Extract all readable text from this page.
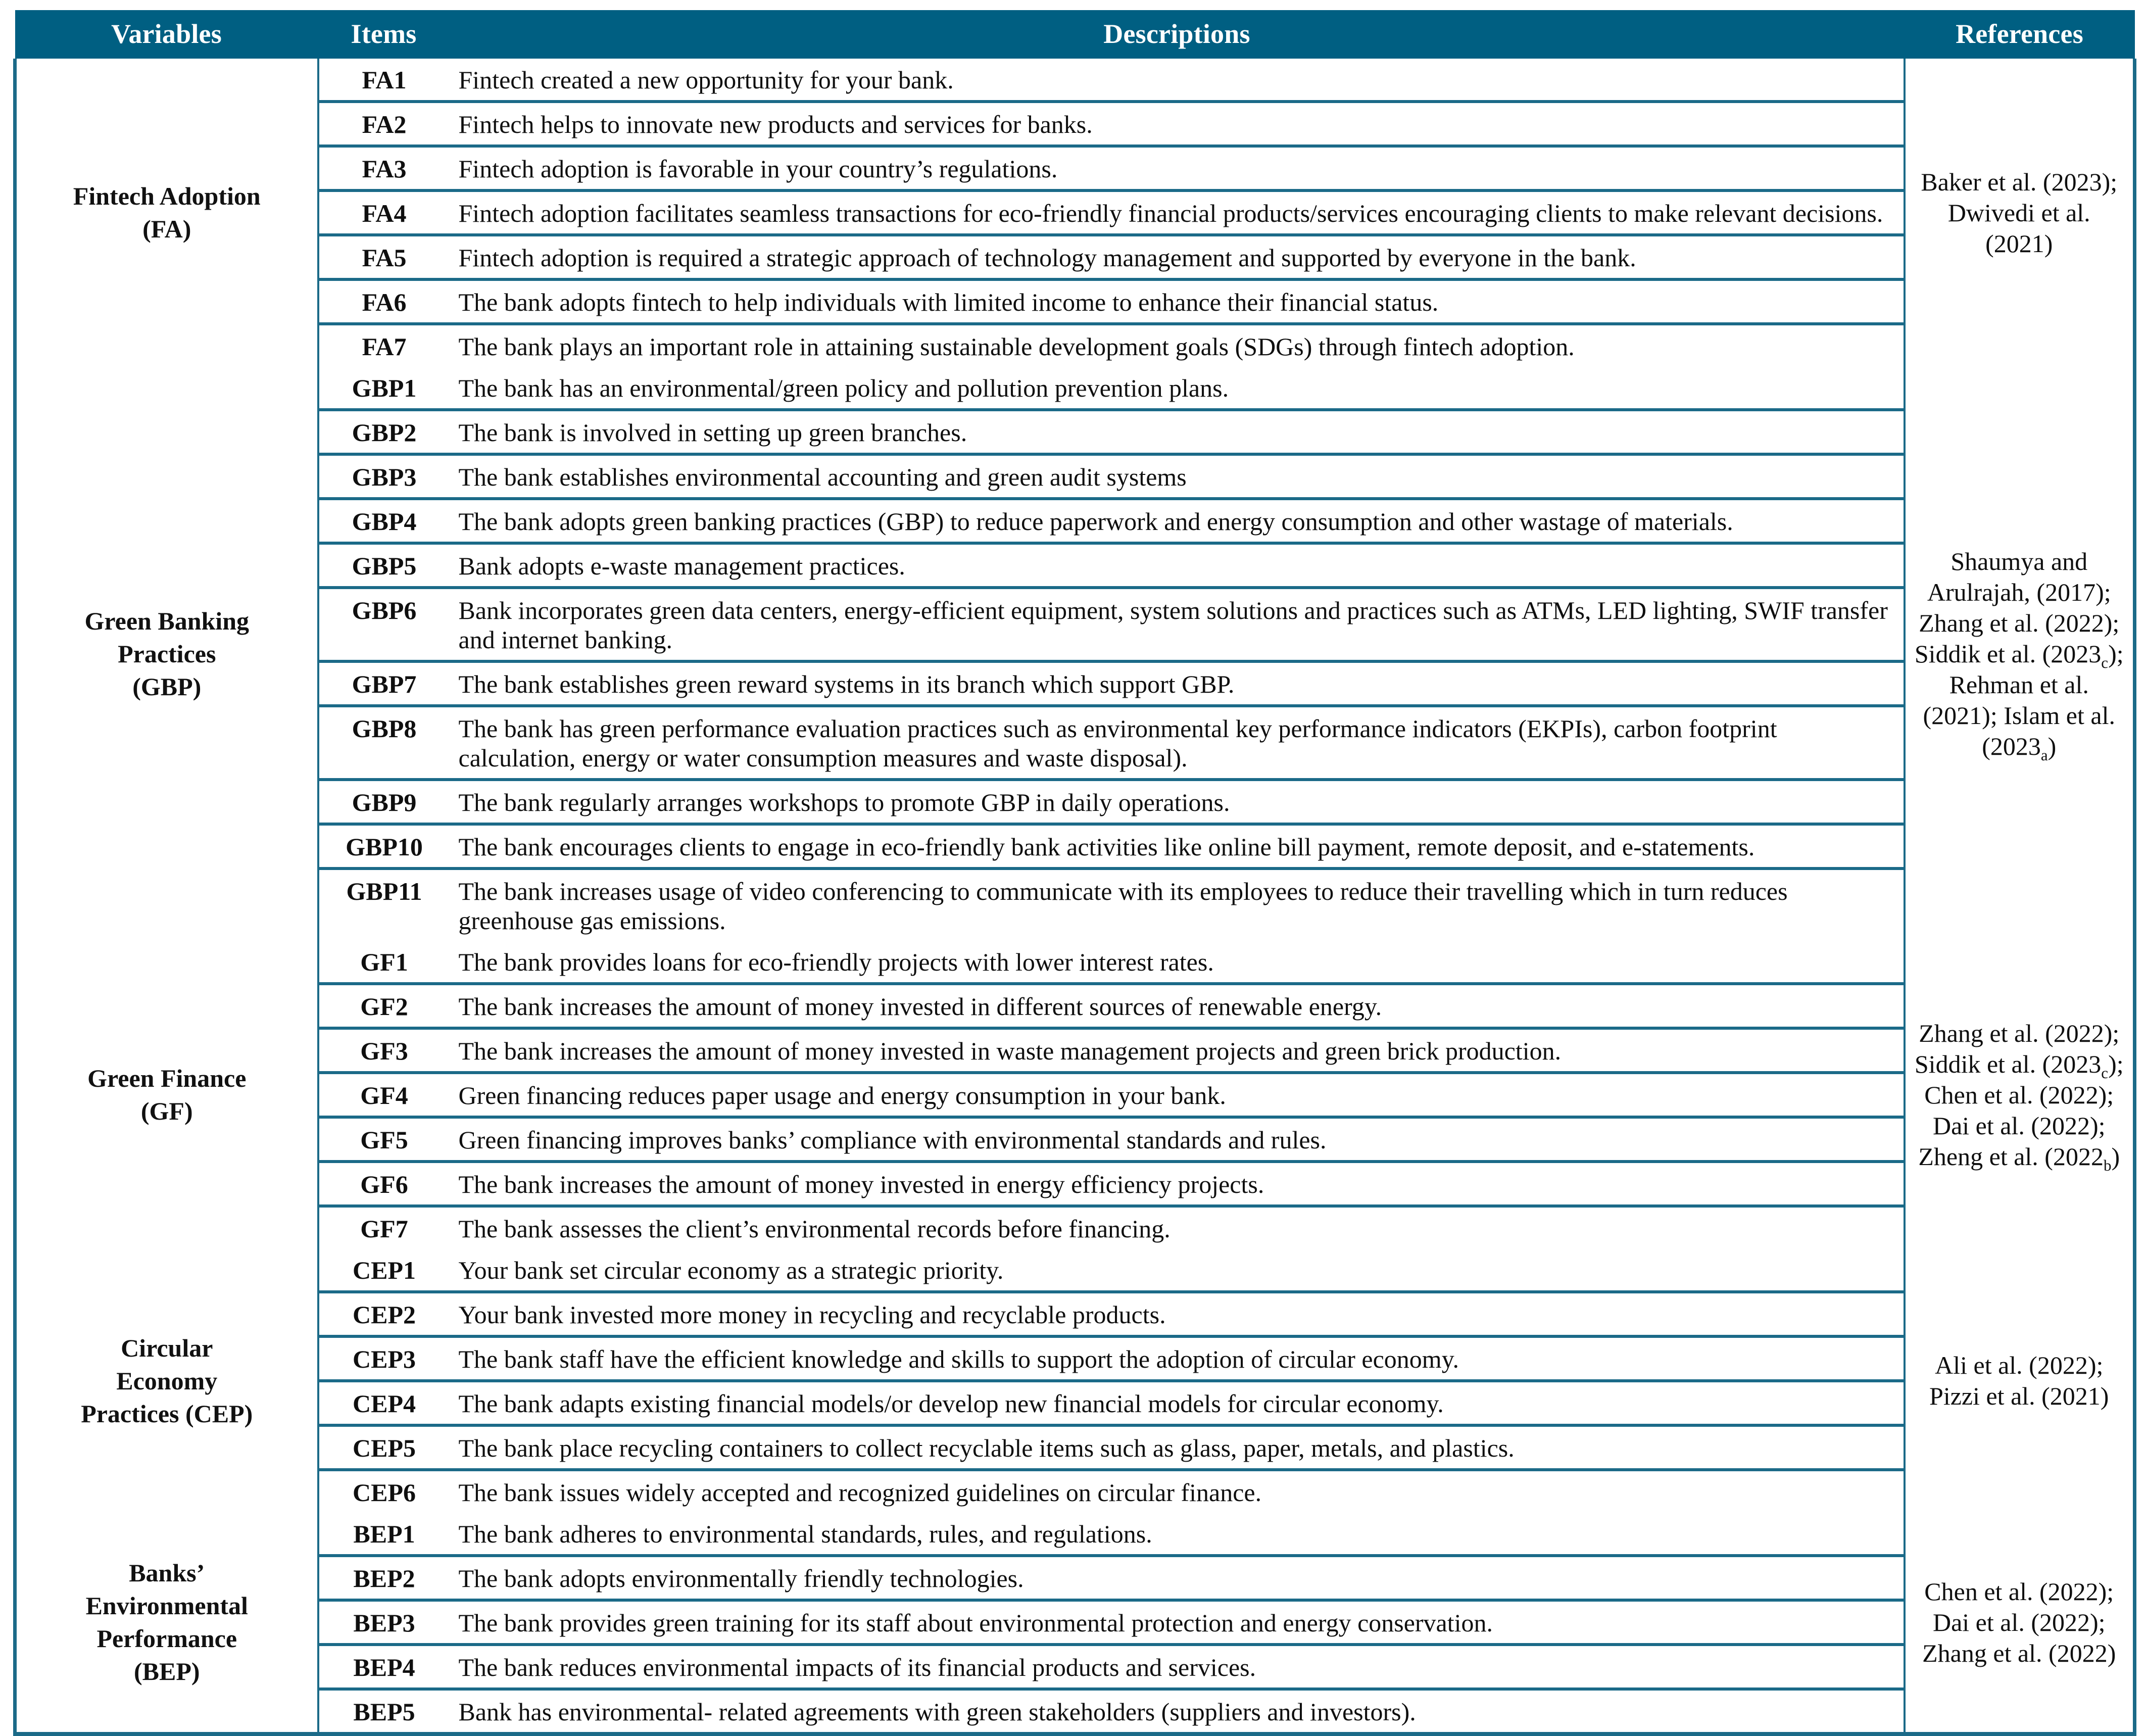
Variables	Items	Descriptions	References

Fintech Adoption
(FA)	FA1	Fintech created a new opportunity for your bank.	Baker et al. (2023); Dwivedi et al. (2021)
	FA2	Fintech helps to innovate new products and services for banks.	
	FA3	Fintech adoption is favorable in your country’s regulations.	
	FA4	Fintech adoption facilitates seamless transactions for eco-friendly financial products/services encouraging clients to make relevant decisions.	
	FA5	Fintech adoption is required a strategic approach of technology management and supported by everyone in the bank.	
	FA6	The bank adopts fintech to help individuals with limited income to enhance their financial status.	
	FA7	The bank plays an important role in attaining sustainable development goals (SDGs) through fintech adoption.	

Green Banking
Practices
(GBP)	GBP1	The bank has an environmental/green policy and pollution prevention plans.	Shaumya and Arulrajah, (2017); Zhang et al. (2022); Siddik et al. $(2023_c)$; Rehman et al. (2021); Islam et al. $(2023_a)$
	GBP2	The bank is involved in setting up green branches.	
	GBP3	The bank establishes environmental accounting and green audit systems	
	GBP4	The bank adopts green banking practices (GBP) to reduce paperwork and energy consumption and other wastage of materials.	
	GBP5	Bank adopts e-waste management practices.	
	GBP6	Bank incorporates green data centers, energy-efficient equipment, system solutions and practices such as ATMs, LED lighting, SWIF transfer and internet banking.	
	GBP7	The bank establishes green reward systems in its branch which support GBP.	
	GBP8	The bank has green performance evaluation practices such as environmental key performance indicators (EKPIs), carbon footprint calculation, energy or water consumption measures and waste disposal).	
	GBP9	The bank regularly arranges workshops to promote GBP in daily operations.	
	GBP10	The bank encourages clients to engage in eco-friendly bank activities like online bill payment, remote deposit, and e-statements.	
	GBP11	The bank increases usage of video conferencing to communicate with its employees to reduce their travelling which in turn reduces greenhouse gas emissions.	

Green Finance
(GF)	GF1	The bank provides loans for eco-friendly projects with lower interest rates.	Zhang et al. (2022); Siddik et al. $(2023_c)$; Chen et al. (2022); Dai et al. (2022); Zheng et al. $(2022_b)$
	GF2	The bank increases the amount of money invested in different sources of renewable energy.	
	GF3	The bank increases the amount of money invested in waste management projects and green brick production.	
	GF4	Green financing reduces paper usage and energy consumption in your bank.	
	GF5	Green financing improves banks’ compliance with environmental standards and rules.	
	GF6	The bank increases the amount of money invested in energy efficiency projects.	
	GF7	The bank assesses the client’s environmental records before financing.	

Circular
Economy
Practices (CEP)	CEP1	Your bank set circular economy as a strategic priority.	Ali et al. (2022); Pizzi et al. (2021)
	CEP2	Your bank invested more money in recycling and recyclable products.	
	CEP3	The bank staff have the efficient knowledge and skills to support the adoption of circular economy.	
	CEP4	The bank adapts existing financial models/or develop new financial models for circular economy.	
	CEP5	The bank place recycling containers to collect recyclable items such as glass, paper, metals, and plastics.	
	CEP6	The bank issues widely accepted and recognized guidelines on circular finance.	

Banks’
Environmental
Performance
(BEP)	BEP1	The bank adheres to environmental standards, rules, and regulations.	Chen et al. (2022); Dai et al. (2022); Zhang et al. (2022)
	BEP2	The bank adopts environmentally friendly technologies.	
	BEP3	The bank provides green training for its staff about environmental protection and energy conservation.	
	BEP4	The bank reduces environmental impacts of its financial products and services.	
	BEP5	Bank has environmental- related agreements with green stakeholders (suppliers and investors).	
